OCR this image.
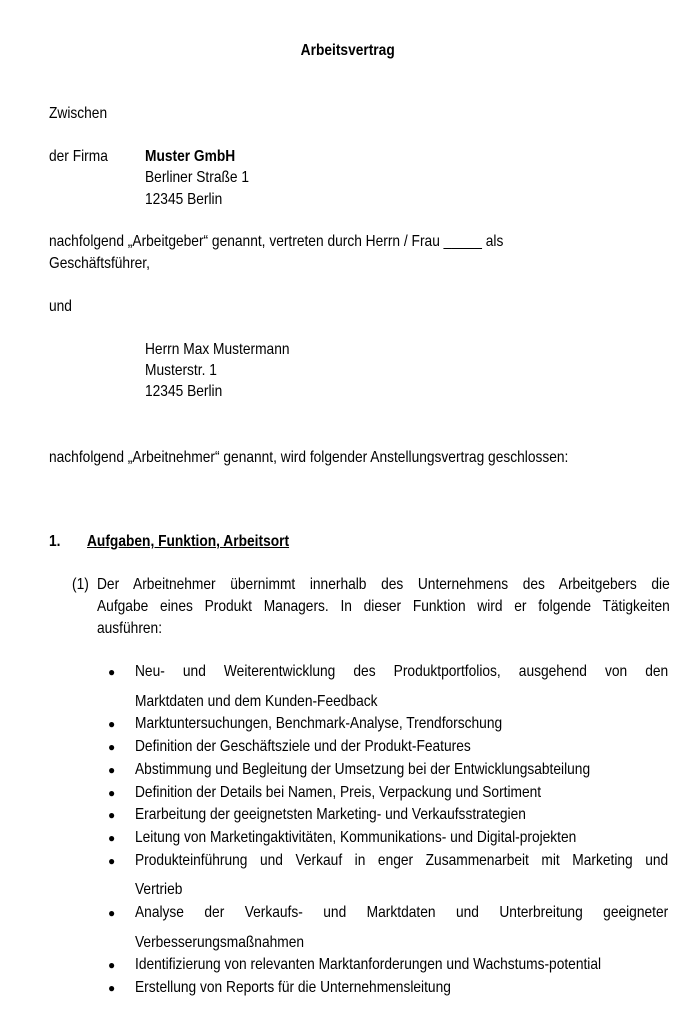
Arbeitsvertrag
Zwischen
der Firma Muster GmbH
Berliner Straße 1
12345 Berlin
nachfolgend „Arbeitgeber“ genannt, vertreten durch Herrn / Frau _____ als
Geschäftsführer,
und
Herrn Max Mustermann
Musterstr. 1
12345 Berlin
nachfolgend „Arbeitnehmer“ genannt, wird folgender Anstellungsvertrag geschlossen:
1. Aufgaben, Funktion, Arbeitsort
(1) Der Arbeitnehmer übernimmt innerhalb des Unternehmens des Arbeitgebers die
Aufgabe eines Produkt Managers. In dieser Funktion wird er folgende Tätigkeiten
ausführen:
● Neu- und Weiterentwicklung des Produktportfolios, ausgehend von den
Marktdaten und dem Kunden-Feedback
● Marktuntersuchungen, Benchmark-Analyse, Trendforschung
● Definition der Geschäftsziele und der Produkt-Features
● Abstimmung und Begleitung der Umsetzung bei der Entwicklungsabteilung
● Definition der Details bei Namen, Preis, Verpackung und Sortiment
● Erarbeitung der geeignetsten Marketing- und Verkaufsstrategien
● Leitung von Marketingaktivitäten, Kommunikations- und Digital-projekten
● Produkteinführung und Verkauf in enger Zusammenarbeit mit Marketing und
Vertrieb
● Analyse der Verkaufs- und Marktdaten und Unterbreitung geeigneter
Verbesserungsmaßnahmen
● Identifizierung von relevanten Marktanforderungen und Wachstums-potential
● Erstellung von Reports für die Unternehmensleitung
